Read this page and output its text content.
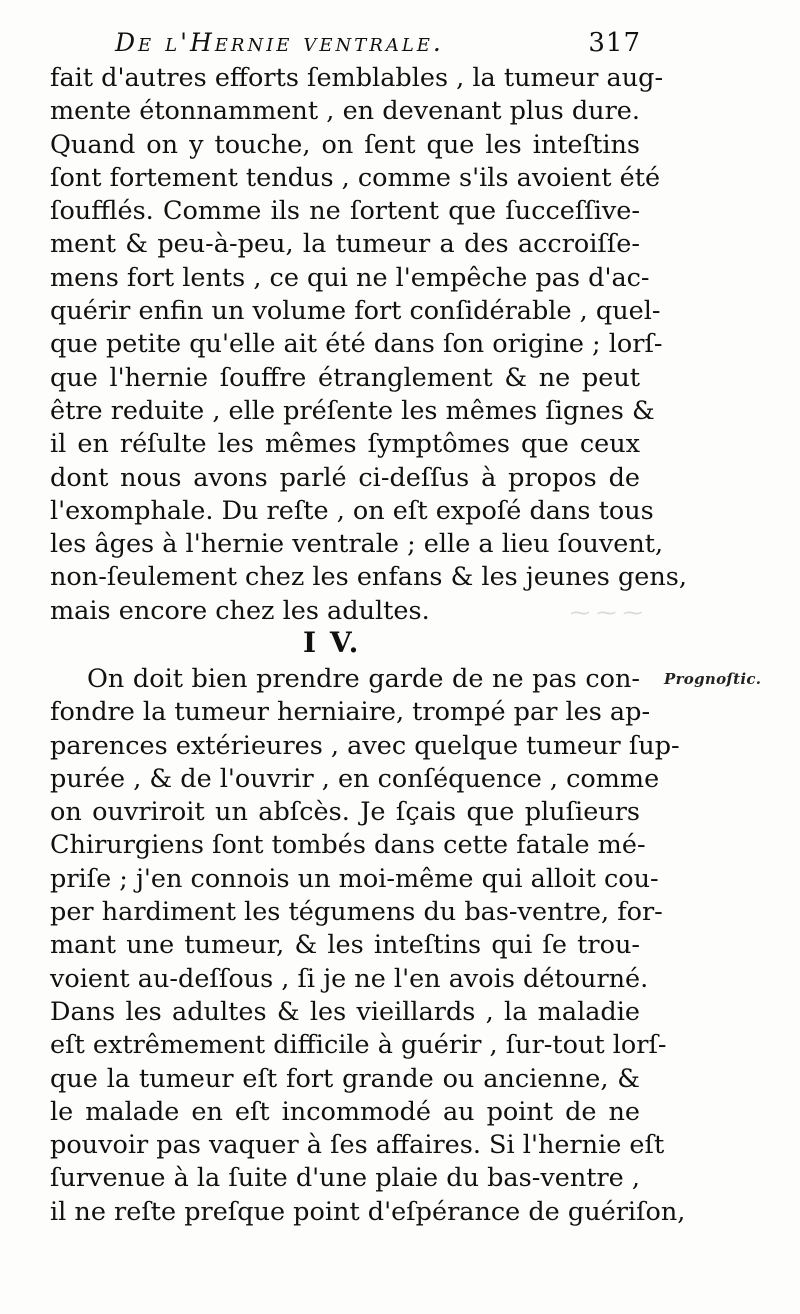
De l'Hernie ventrale.	317
fait d'autres efforts ſemblables , la tumeur aug-
mente étonnamment , en devenant plus dure.
Quand on y touche, on ſent que les inteſtins
ſont fortement tendus , comme s'ils avoient été
ſoufflés. Comme ils ne ſortent que ſucceſſive-
ment & peu-à-peu, la tumeur a des accroiſſe-
mens fort lents , ce qui ne l'empêche pas d'ac-
quérir enfin un volume fort conſidérable , quel-
que petite qu'elle ait été dans ſon origine ; lorſ-
que l'hernie ſouffre étranglement & ne peut
être reduite , elle préſente les mêmes ſignes &
il en réſulte les mêmes ſymptômes que ceux
dont nous avons parlé ci-deſſus à propos de
l'exomphale. Du reſte , on eſt expoſé dans tous
les âges à l'hernie ventrale ; elle a lieu ſouvent,
non-ſeulement chez les enfans & les jeunes gens,
mais encore chez les adultes.	⁓ ⁓ ⁓
I V.
Prognoſtic.
On doit bien prendre garde de ne pas con-
fondre la tumeur herniaire, trompé par les ap-
parences extérieures , avec quelque tumeur ſup-
purée , & de l'ouvrir , en conſéquence , comme
on ouvriroit un abſcès. Je ſçais que pluſieurs
Chirurgiens ſont tombés dans cette fatale mé-
priſe ; j'en connois un moi-même qui alloit cou-
per hardiment les tégumens du bas-ventre, for-
mant une tumeur, & les inteſtins qui ſe trou-
voient au-deſſous , ſi je ne l'en avois détourné.
Dans les adultes & les vieillards , la maladie
eſt extrêmement difficile à guérir , ſur-tout lorſ-
que la tumeur eſt fort grande ou ancienne, &
le malade en eſt incommodé au point de ne
pouvoir pas vaquer à ſes affaires. Si l'hernie eſt
ſurvenue à la ſuite d'une plaie du bas-ventre ,
il ne reſte preſque point d'eſpérance de guériſon,
